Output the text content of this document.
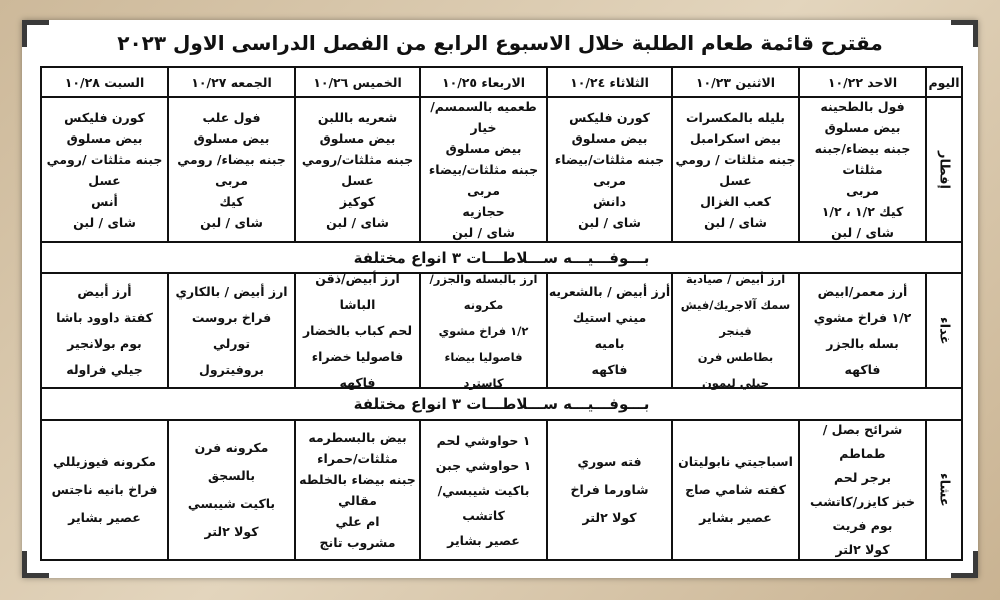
مقترح قائمة طعام الطلبة خلال الاسبوع الرابع من الفصل الدراسى الاول ٢٠٢٣
اليوم
الاحد ١٠/٢٢
الاثنين ١٠/٢٣
الثلاثاء ١٠/٢٤
الاربعاء ١٠/٢٥
الخميس ١٠/٢٦
الجمعه ١٠/٢٧
السبت ١٠/٢٨
إفطار
فول بالطحينه
بيض مسلوق
جبنه بيضاء/جبنه مثلثات
مربى
كيك ١/٢ ، ١/٢
شاى / لبن
بليله بالمكسرات
بيض اسكرامبل
جبنه مثلثات / رومي
عسل
كعب الغزال
شاى / لبن
كورن فليكس
بيض مسلوق
جبنه مثلثات/بيضاء
مربى
دانش
شاى / لبن
طعميه بالسمسم/خيار
بيض مسلوق
جبنه مثلثات/بيضاء
مربى
حجازيه
شاى / لبن
شعريه باللبن
بيض مسلوق
جبنه مثلثات/رومي
عسل
كوكيز
شاى / لبن
فول علب
بيض مسلوق
جبنه بيضاء/ رومي
مربى
كيك
شاى / لبن
كورن فليكس
بيض مسلوق
جبنه مثلثات /رومي
عسل
أنس
شاى / لبن
بـــوفـــيـــه ســـلاطـــات ٣ انواع مختلفة
غداء
أرز معمر/ابيض
١/٢ فراخ مشوي
بسله بالجزر
فاكهه
ارز أبيض / صيادية
سمك آلاجريك/فيش فينجر
بطاطس فرن
جيلي ليمون
أرز أبيض / بالشعريه
ميني استيك
باميه
فاكهه
ارز بالبسله والجزر/ مكرونه
١/٢ فراخ مشوي
فاصوليا بيضاء
كاسترد
ارز أبيض/ذقن الباشا
لحم كباب بالخضار
فاصوليا خضراء
فاكهه
ارز أبيض / بالكاري
فراخ بروست
تورلي
بروفيترول
أرز أبيض
كفتة داوود باشا
بوم بولانجير
جيلي فراوله
بـــوفـــيـــه ســـلاطـــات ٣ انواع مختلفة
عشاء
شرائح بصل / طماطم
برجر لحم
خبز كايزر/كاتشب
بوم فريت
كولا ٢لتر
اسباجيتي نابوليتان
كفته شامي صاج
عصير بشاير
فته سوري
شاورما فراخ
كولا ٢لتر
١ حواوشي لحم
١ حواوشي جبن
باكيت شيبسي/كاتشب
عصير بشاير
بيض بالبسطرمه
مثلثات/حمراء
جبنه بيضاء بالخلطه
مقالي
ام علي
مشروب تانج
مكرونه فرن بالسجق
باكيت شيبسي
كولا ٢لتر
مكرونه فيوزيللي
فراخ بانيه ناجتس
عصير بشاير
